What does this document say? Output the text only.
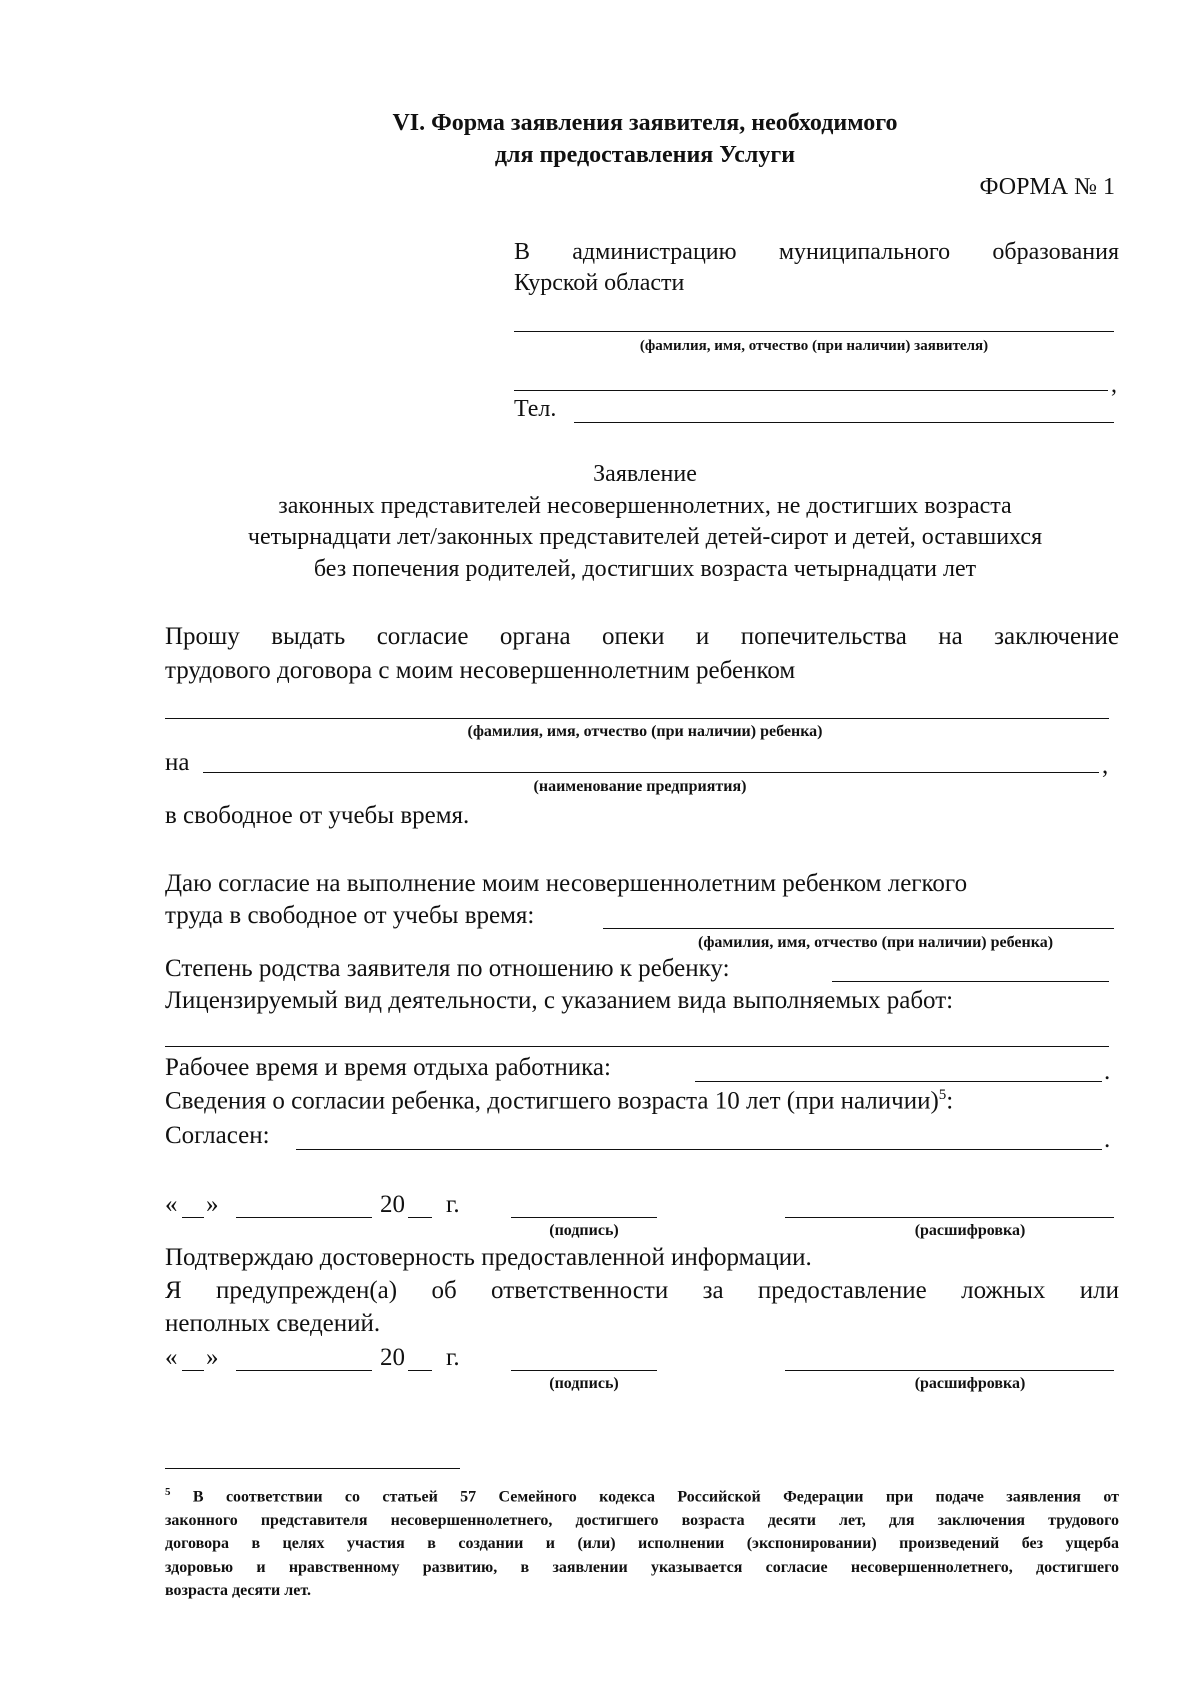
VI. Форма заявления заявителя, необходимого
для предоставления Услуги
ФОРМА № 1
В администрацию муниципального образования
Курской области
(фамилия, имя, отчество (при наличии) заявителя)
,
Тел.
Заявление
законных представителей несовершеннолетних, не достигших возраста
четырнадцати лет/законных представителей детей-сирот и детей, оставшихся
без попечения родителей, достигших возраста четырнадцати лет
Прошу выдать согласие органа опеки и попечительства на заключение
трудового договора с моим несовершеннолетним ребенком
(фамилия, имя, отчество (при наличии) ребенка)
на	,
(наименование предприятия)
в свободное от учебы время.
Даю согласие на выполнение моим несовершеннолетним ребенком легкого
труда в свободное от учебы время:
(фамилия, имя, отчество (при наличии) ребенка)
Степень родства заявителя по отношению к ребенку:
Лицензируемый вид деятельности, с указанием вида выполняемых работ:
Рабочее время и время отдыха работника:	.
Сведения о согласии ребенка, достигшего возраста 10 лет (при наличии)$^5$:
Согласен:	.
« »	20 г.
(подпись)	(расшифровка)
Подтверждаю достоверность предоставленной информации.
Я предупрежден(а) об ответственности за предоставление ложных или
неполных сведений.
« »	20 г.
(подпись)	(расшифровка)
$^5$ В соответствии со статьей 57 Семейного кодекса Российской Федерации при подаче заявления от
законного представителя несовершеннолетнего, достигшего возраста десяти лет, для заключения трудового
договора в целях участия в создании и (или) исполнении (экспонировании) произведений без ущерба
здоровью и нравственному развитию, в заявлении указывается согласие несовершеннолетнего, достигшего
возраста десяти лет.
